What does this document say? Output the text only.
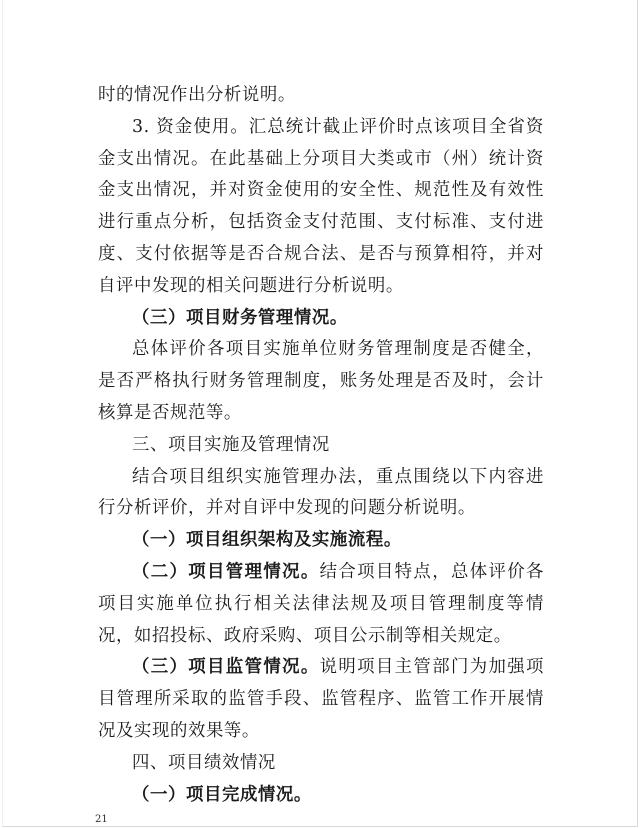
时的情况作出分析说明。

3. 资金使用。汇总统计截止评价时点该项目全省资金支出情况。在此基础上分项目大类或市（州）统计资金支出情况，并对资金使用的安全性、规范性及有效性进行重点分析，包括资金支付范围、支付标准、支付进度、支付依据等是否合规合法、是否与预算相符，并对自评中发现的相关问题进行分析说明。

（三）项目财务管理情况。

总体评价各项目实施单位财务管理制度是否健全，是否严格执行财务管理制度，账务处理是否及时，会计核算是否规范等。

三、项目实施及管理情况

结合项目组织实施管理办法，重点围绕以下内容进行分析评价，并对自评中发现的问题分析说明。

（一）项目组织架构及实施流程。

（二）项目管理情况。结合项目特点，总体评价各项目实施单位执行相关法律法规及项目管理制度等情况，如招投标、政府采购、项目公示制等相关规定。

（三）项目监管情况。说明项目主管部门为加强项目管理所采取的监管手段、监管程序、监管工作开展情况及实现的效果等。

四、项目绩效情况

（一）项目完成情况。

21
